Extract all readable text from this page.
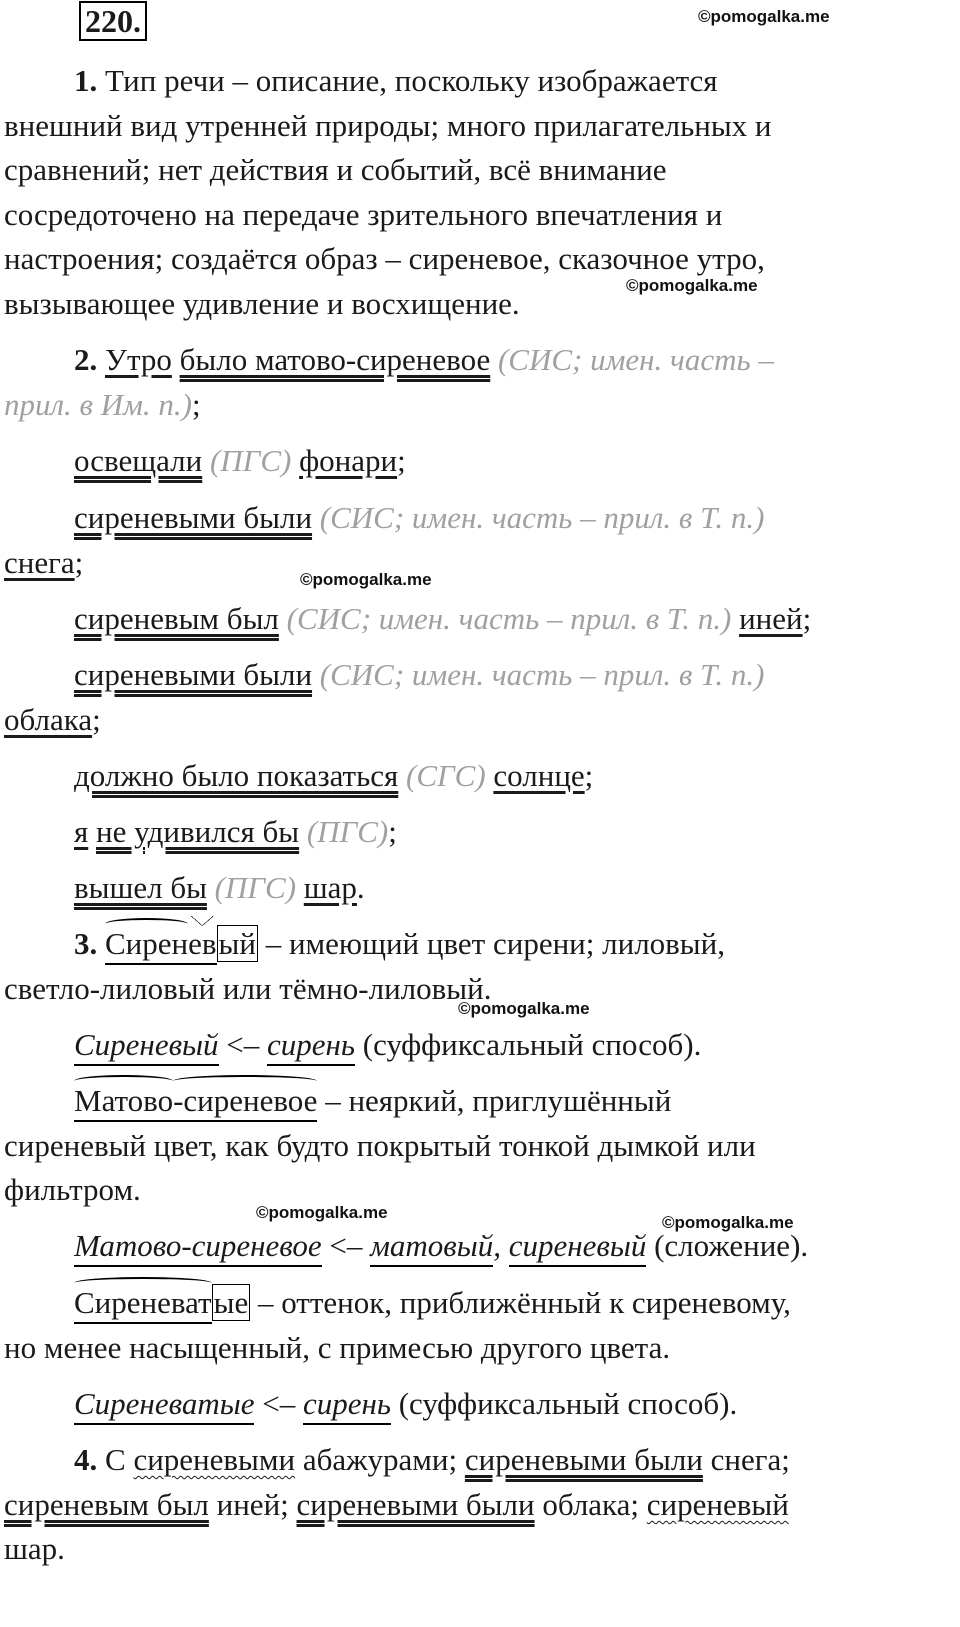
220.	©pomogalka.me
©pomogalka.me
©pomogalka.me
©pomogalka.me
©pomogalka.me
©pomogalka.me
1. Тип речи – описание, поскольку изображается
внешний вид утренней природы; много прилагательных и
сравнений; нет действия и событий, всё внимание
сосредоточено на передаче зрительного впечатления и
настроения; создаётся образ – сиреневое, сказочное утро,
вызывающее удивление и восхищение.
2. Утро было матово-сиреневое (СИС; имен. часть –
прил. в Им. п.);
освещали (ПГС) фонари;
сиреневыми были (СИС; имен. часть – прил. в Т. п.)
снега;
сиреневым был (СИС; имен. часть – прил. в Т. п.) иней;
сиреневыми были (СИС; имен. часть – прил. в Т. п.)
облака;
должно было показаться (СГС) солнце;
я не удивился бы (ПГС);
вышел бы (ПГС) шар.
3. Сиреневый – имеющий цвет сирени; лиловый,
светло-лиловый или тёмно-лиловый.
Сиреневый <– сирень (суффиксальный способ).
Матово-сиреневое – неяркий, приглушённый
сиреневый цвет, как будто покрытый тонкой дымкой или
фильтром.
Матово-сиреневое <– матовый, сиреневый (сложение).
Сиреневатые – оттенок, приближённый к сиреневому,
но менее насыщенный, с примесью другого цвета.
Сиреневатые <– сирень (суффиксальный способ).
4. С сиреневыми абажурами; сиреневыми были снега;
сиреневым был иней; сиреневыми были облака; сиреневый
шар.
